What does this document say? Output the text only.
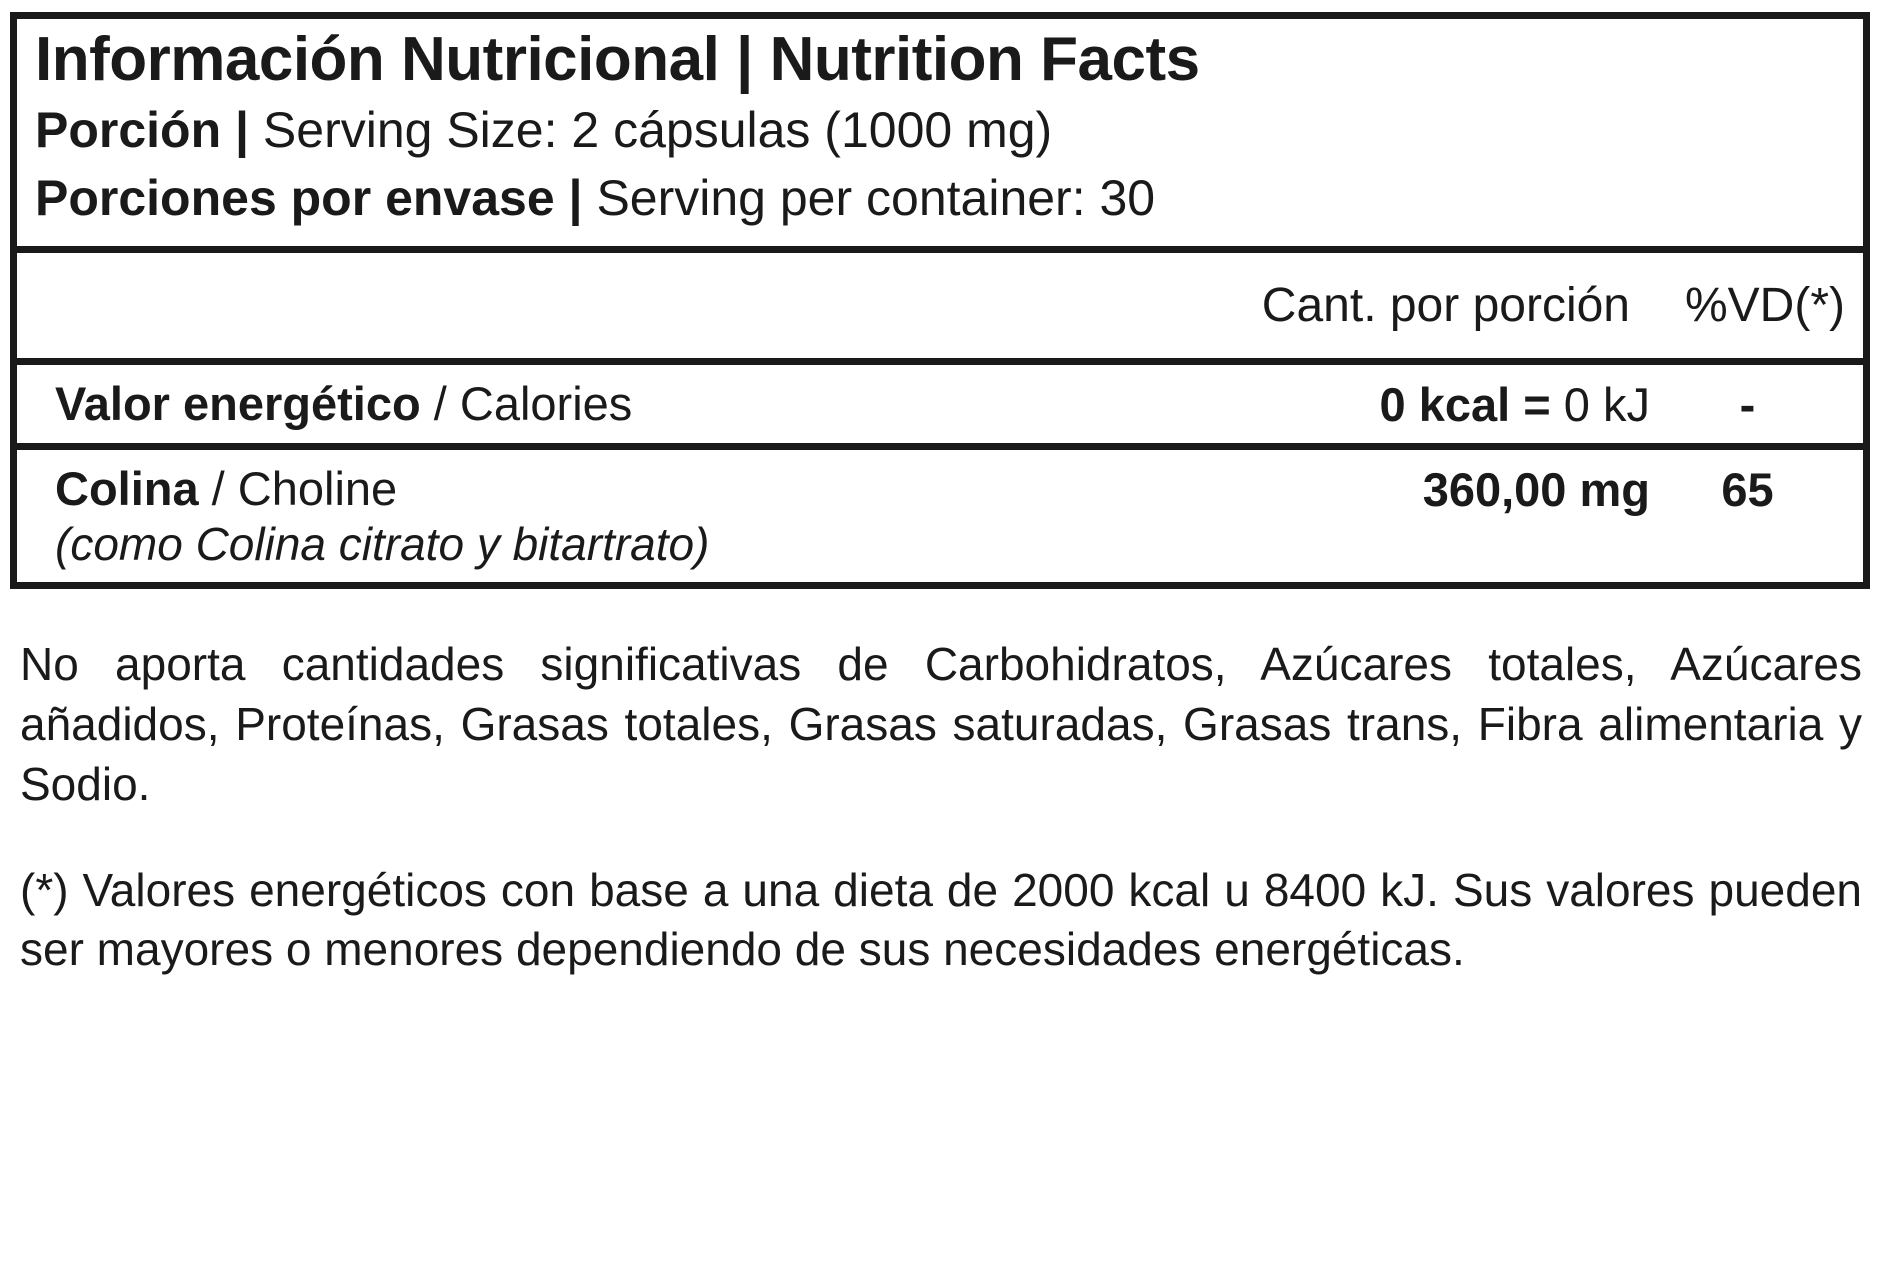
Información Nutricional | Nutrition Facts
Porción | Serving Size: 2 cápsulas (1000 mg)
Porciones por envase | Serving per container: 30
Cant. por porción	%VD(*)
Valor energético / Calories	0 kcal = 0 kJ	-
Colina / Choline
(como Colina citrato y bitartrato)
360,00 mg	65

No aporta cantidades significativas de Carbohidratos, Azúcares totales, Azúcares añadidos, Proteínas, Grasas totales, Grasas saturadas, Grasas trans, Fibra alimentaria y Sodio.

(*) Valores energéticos con base a una dieta de 2000 kcal u 8400 kJ. Sus valores pueden ser mayores o menores dependiendo de sus necesidades energéticas.
